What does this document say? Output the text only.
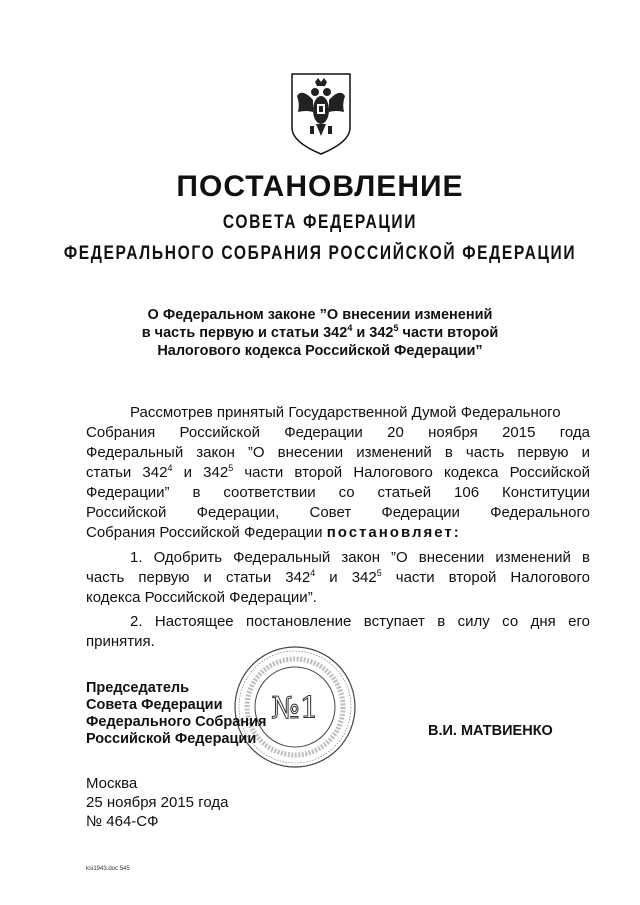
ПОСТАНОВЛЕНИЕ
СОВЕТА ФЕДЕРАЦИИ
ФЕДЕРАЛЬНОГО СОБРАНИЯ РОССИЙСКОЙ ФЕДЕРАЦИИ
О Федеральном законе ”О внесении изменений
в часть первую и статьи $342^4$ и $342^5$ части второй
Налогового кодекса Российской Федерации”
Рассмотрев принятый Государственной Думой Федерального
Собрания Российской Федерации 20 ноября 2015 года
Федеральный закон ”О внесении изменений в часть первую и
статьи $342^4$ и $342^5$ части второй Налогового кодекса Российской
Федерации” в соответствии со статьей 106 Конституции
Российской Федерации, Совет Федерации Федерального
Собрания Российской Федерации постановляет:
1. Одобрить Федеральный закон ”О внесении изменений в
часть первую и статьи $342^4$ и $342^5$ части второй Налогового
кодекса Российской Федерации”.
2. Настоящее постановление вступает в силу со дня его
принятия.
№1
Председатель
Совета Федерации
Федерального Собрания
Российской Федерации	В.И. МАТВИЕНКО
Москва
25 ноября 2015 года
№ 464-СФ
ksi1943.doc 545
